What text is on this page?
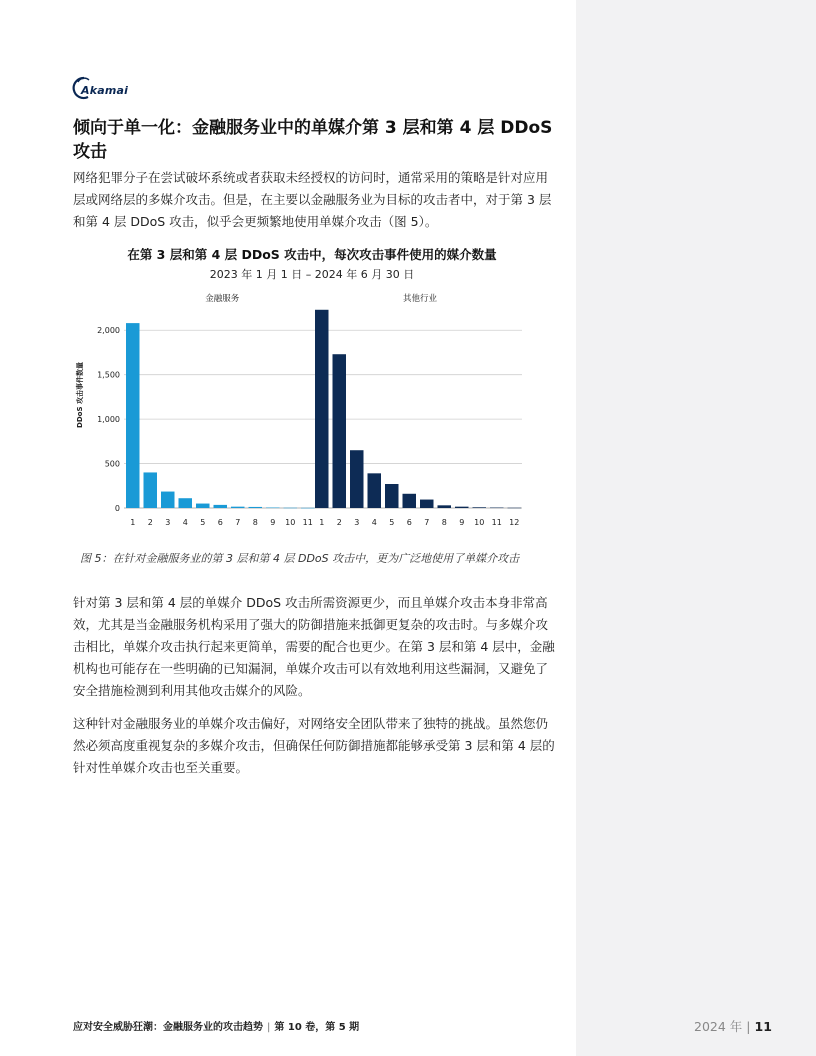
Akamai
倾向于单一化：金融服务业中的单媒介第 3 层和第 4 层 DDoS 攻击

网络犯罪分子在尝试破坏系统或者获取未经授权的访问时，通常采用的策略是针对应用层或网络层的多媒介攻击。但是，在主要以金融服务业为目标的攻击者中，对于第 3 层和第 4 层 DDoS 攻击，似乎会更频繁地使用单媒介攻击（图 5）。

在第 3 层和第 4 层 DDoS 攻击中，每次攻击事件使用的媒介数量
2023 年 1 月 1 日 – 2024 年 6 月 30 日
DDoS 攻击事件数量
0
500
1,000
1,500
2,000
金融服务
1 2 3 4 5 6 7 8 9 10 11
其他行业
1 2 3 4 5 6 7 8 9 10 11 12
图 5：在针对金融服务业的第 3 层和第 4 层 DDoS 攻击中，更为广泛地使用了单媒介攻击

针对第 3 层和第 4 层的单媒介 DDoS 攻击所需资源更少，而且单媒介攻击本身非常高效，尤其是当金融服务机构采用了强大的防御措施来抵御更复杂的攻击时。与多媒介攻击相比，单媒介攻击执行起来更简单，需要的配合也更少。在第 3 层和第 4 层中，金融机构也可能存在一些明确的已知漏洞，单媒介攻击可以有效地利用这些漏洞，又避免了安全措施检测到利用其他攻击媒介的风险。

这种针对金融服务业的单媒介攻击偏好，对网络安全团队带来了独特的挑战。虽然您仍然必须高度重视复杂的多媒介攻击，但确保任何防御措施都能够承受第 3 层和第 4 层的针对性单媒介攻击也至关重要。

应对安全威胁狂潮：金融服务业的攻击趋势 | 第 10 卷，第 5 期	2024 年 | 11
